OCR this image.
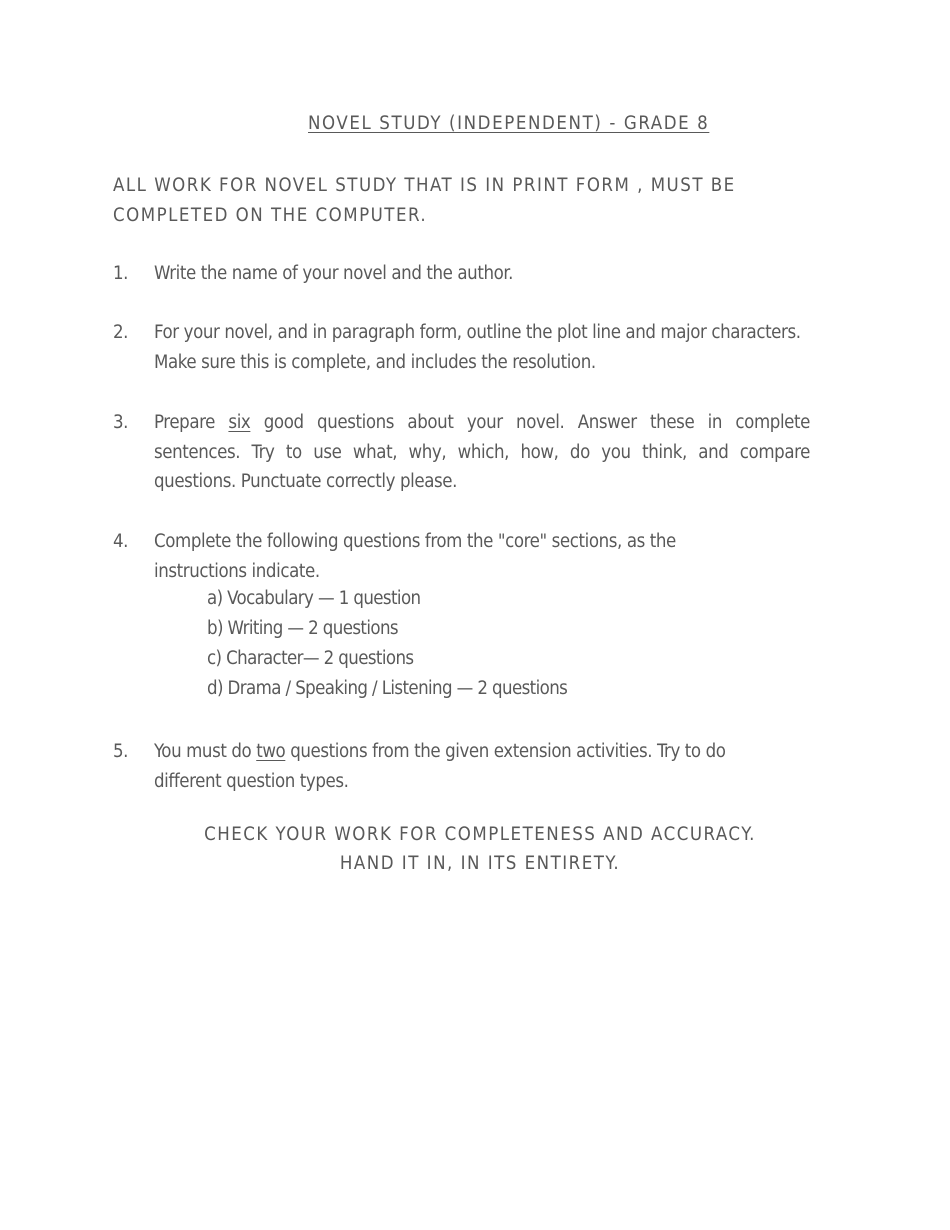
NOVEL STUDY (INDEPENDENT) - GRADE 8
ALL WORK FOR NOVEL STUDY THAT IS IN PRINT FORM , MUST BE
COMPLETED ON THE COMPUTER.
1.	Write the name of your novel and the author.
2.	For your novel, and in paragraph form, outline the plot line and major characters.
Make sure this is complete, and includes the resolution.
3.	Prepare six good questions about your novel. Answer these in complete sentences. Try to use what, why, which, how, do you think, and compare questions. Punctuate correctly please.
4.	Complete the following questions from the "core" sections, as the
instructions indicate.
a) Vocabulary — 1 question
b) Writing — 2 questions
c) Character— 2 questions
d) Drama / Speaking / Listening — 2 questions
5.	You must do two questions from the given extension activities. Try to do
different question types.
CHECK YOUR WORK FOR COMPLETENESS AND ACCURACY.
HAND IT IN, IN ITS ENTIRETY.
